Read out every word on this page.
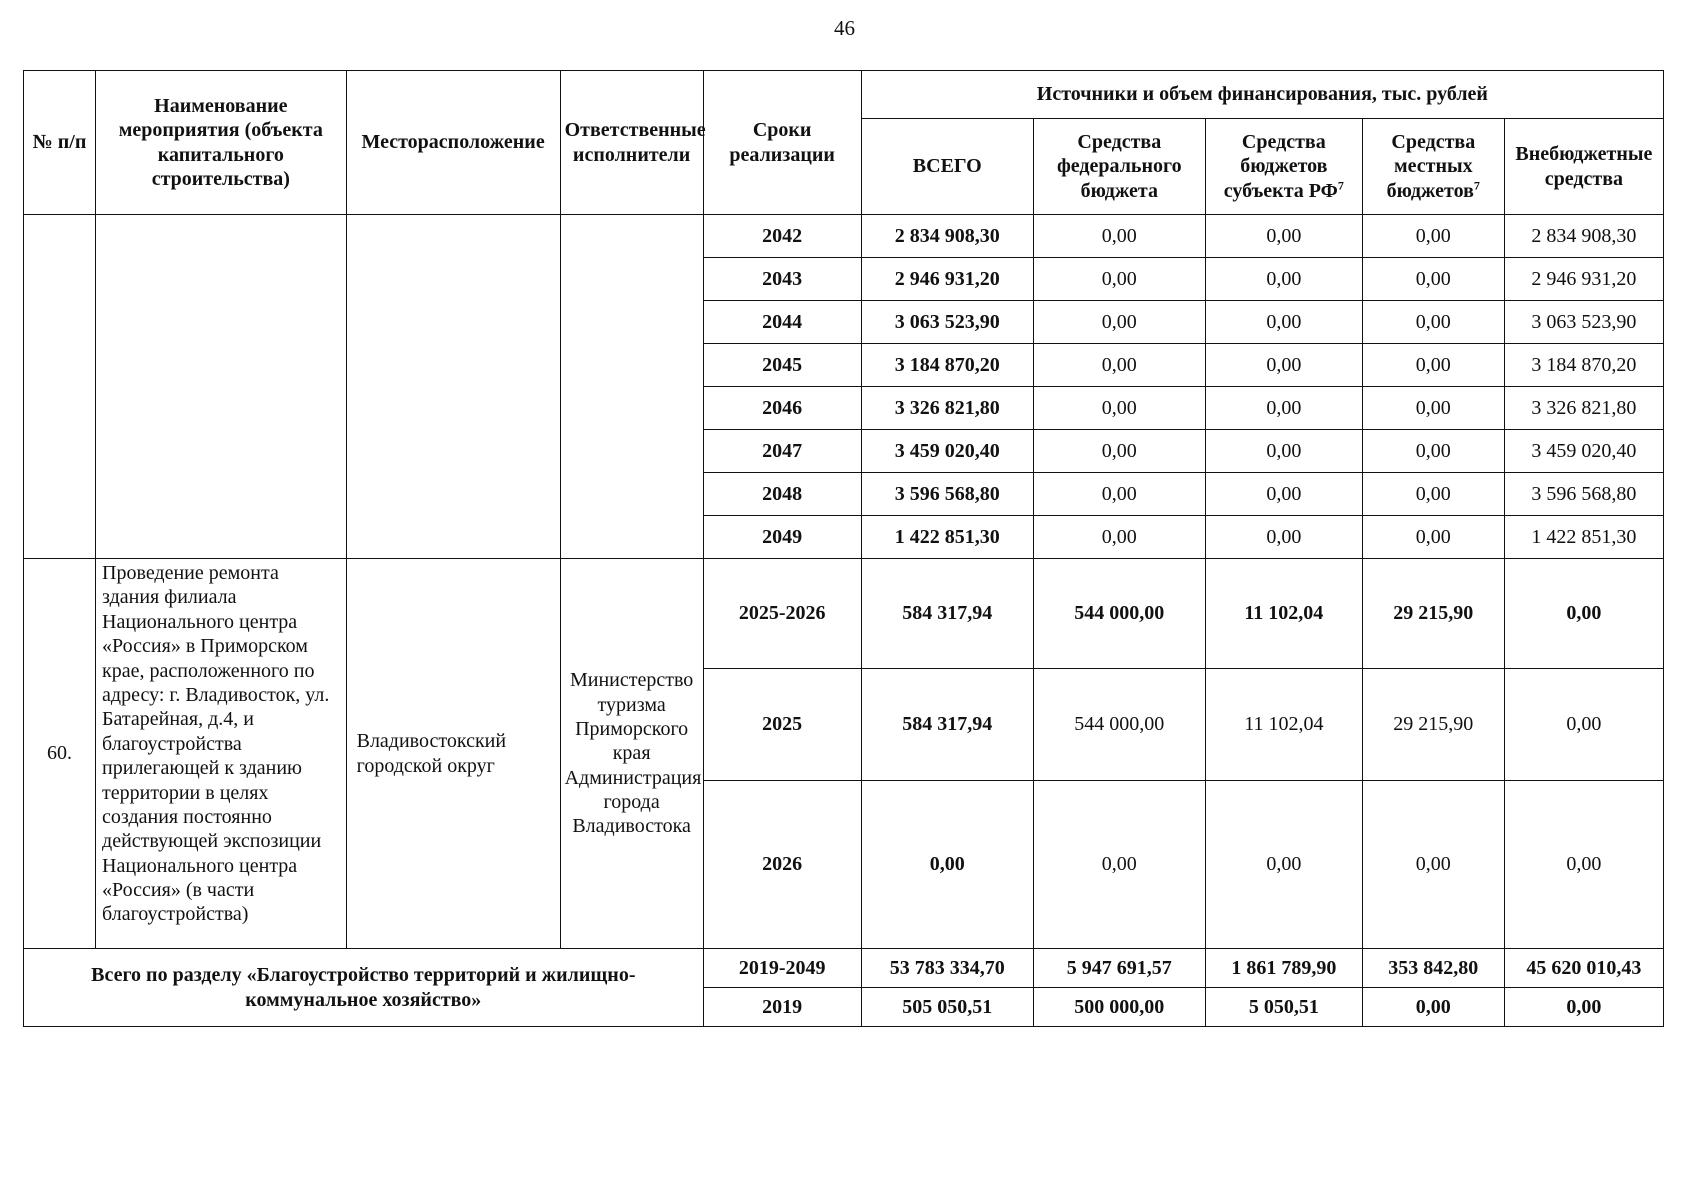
46
№ п/п	Наименование мероприятия (объекта капитального строительства)	Месторасположение	Ответственные исполнители	Сроки реализации	Источники и объем финансирования, тыс. рублей				
					ВСЕГО	Средства федерального бюджета	Средства бюджетов субъекта $РФ^7$	Средства местных бюджетов$^7$	Внебюджетные средства
				2042	2 834 908,30	0,00	0,00	0,00	2 834 908,30
				2043	2 946 931,20	0,00	0,00	0,00	2 946 931,20
				2044	3 063 523,90	0,00	0,00	0,00	3 063 523,90
				2045	3 184 870,20	0,00	0,00	0,00	3 184 870,20
				2046	3 326 821,80	0,00	0,00	0,00	3 326 821,80
				2047	3 459 020,40	0,00	0,00	0,00	3 459 020,40
				2048	3 596 568,80	0,00	0,00	0,00	3 596 568,80
				2049	1 422 851,30	0,00	0,00	0,00	1 422 851,30
60.	Проведение ремонта здания филиала Национального центра «Россия» в Приморском крае, расположенного по адресу: г. Владивосток, ул. Батарейная, д.4, и благоустройства прилегающей к зданию территории в целях создания постоянно действующей экспозиции Национального центра «Россия» (в части благоустройства)	Владивостокский городской округ	Министерство туризма Приморского края Администрация города Владивостока	2025-2026	584 317,94	544 000,00	11 102,04	29 215,90	0,00
				2025	584 317,94	544 000,00	11 102,04	29 215,90	0,00
				2026	0,00	0,00	0,00	0,00	0,00
Всего по разделу «Благоустройство территорий и жилищно-коммунальное хозяйство»				2019-2049	53 783 334,70	5 947 691,57	1 861 789,90	353 842,80	45 620 010,43
				2019	505 050,51	500 000,00	5 050,51	0,00	0,00
